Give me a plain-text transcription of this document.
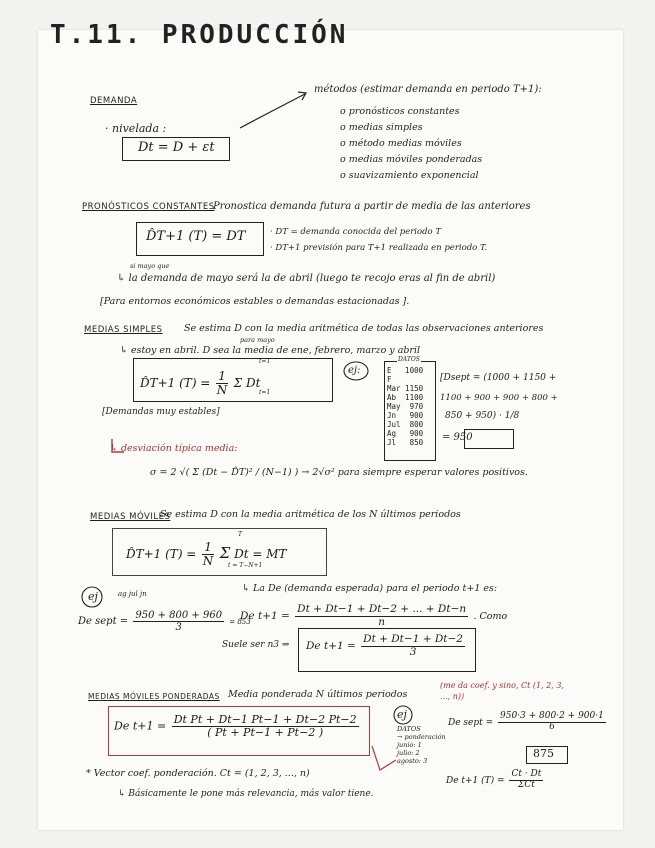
T.11. PRODUCCIÓN
DEMANDA
· nivelada :
Dt = D + εt
métodos (estimar demanda en periodo T+1):
o pronósticos constantes
o medias simples
o método medias móviles
o medias móviles ponderadas
o suavizamiento exponencial
PRONÓSTICOS CONSTANTES
Pronostica demanda futura a partir de media de las anteriores
D̂T+1 (T) = DT	· DT = demanda conocida del periodo T
· DT+1 previsión para T+1 realizada en periodo T.
si mayo que
↳ la demanda de mayo será la de abril (luego te recojo eras al fin de abril)
[Para entornos económicos estables o demandas estacionadas ].
MEDIAS SIMPLES Se estima D con la media aritmética de todas las observaciones anteriores
para mayo
↳ estoy en abril. D sea la media de ene, febrero, marzo y abril
D̂T+1 $(T) = \frac{1}{N}$ Σ Dt
t=T
t=1
ej:
DATOS
E   1000
F
Mar 1150
Ab  1100
May  970
Jn   900
Jul  800
Ag   900
Jl   850
[Dsept = (1000 + 1150 +
1100 + 900 + 900 + 800 +
850 + 950) · 1/8
= 950
[Demandas muy estables]
↳ desviación típica media:
σ = 2 √( Σ (Dt − D̂T)² / (N−1) ) → 2√σ² para siempre esperar valores positivos.
MEDIAS MÓVILES
Se estima D con la media aritmética de los N últimos periodos
D̂T+1 $(T) = \frac{1}{N}$ Σ Dt = MT
T
t = T−N+1
ej	ag jul jn
De sept = $\frac{950 + 800 + 960}{3} = 853$
↳ La De (demanda esperada) para el periodo t+1 es:
De $t+1 = \frac{Dt + Dt-1 + Dt-2 + ... + Dt-n}{n}$ . Como
Suele ser n3 ⇒ De $t+1 = \frac{Dt + Dt-1 + Dt-2}{3}$
MEDIAS MÓVILES PONDERADAS Media ponderada N últimos periodos
(me da coef. y sino, Ct (1, 2, 3, ..., n))
De $t+1 = \frac{\text{Dt Pt + Dt−1 Pt−1 + Dt−2 Pt−2}}{( Pt + Pt-1 + Pt-2 )}$	ej
DATOS
→ ponderación
junio: 1
julio: 2
agosto: 3
De sept = $\frac{950\cdot 3 + 800\cdot 2 + 900\cdot 1}{6}$
875
* Vector coef. ponderación. Ct = (1, 2, 3, ..., n)
↳ Básicamente le pone más relevancia, más valor tiene.
De t+1 $(T) = \frac{Ct \cdot Dt}{\text{ΣCt}}$
